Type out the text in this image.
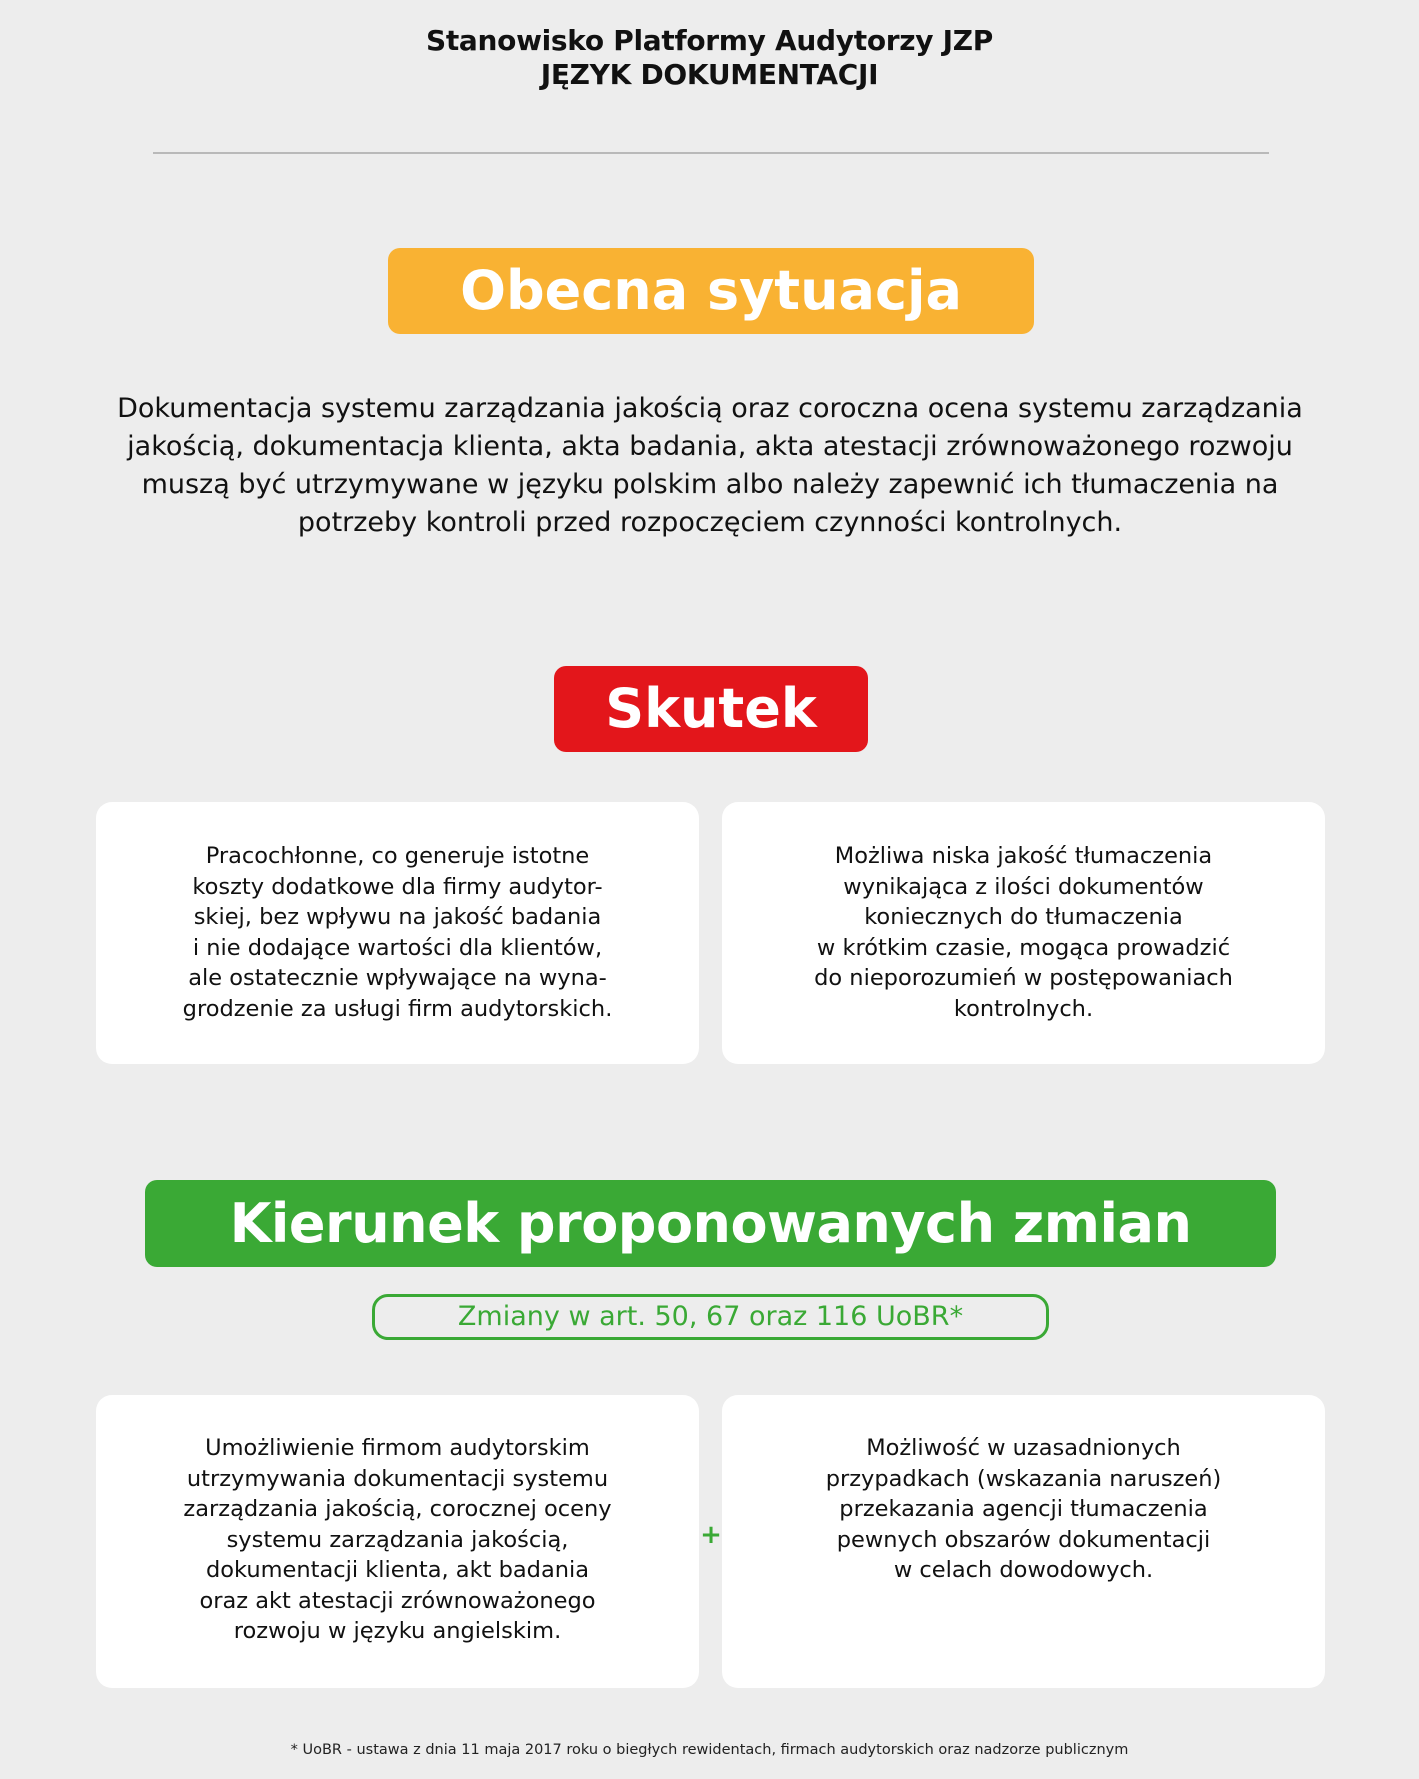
Stanowisko Platformy Audytorzy JZP
JĘZYK DOKUMENTACJI
Obecna sytuacja
Dokumentacja systemu zarządzania jakością oraz coroczna ocena systemu zarządzania jakością, dokumentacja klienta, akta badania, akta atestacji zrównoważonego rozwoju muszą być utrzymywane w języku polskim albo należy zapewnić ich tłumaczenia na potrzeby kontroli przed rozpoczęciem czynności kontrolnych.
Skutek
Pracochłonne, co generuje istotne
koszty dodatkowe dla firmy audytor-
skiej, bez wpływu na jakość badania
i nie dodające wartości dla klientów,
ale ostatecznie wpływające na wyna-
grodzenie za usługi firm audytorskich.
Możliwa niska jakość tłumaczenia
wynikająca z ilości dokumentów
koniecznych do tłumaczenia
w krótkim czasie, mogąca prowadzić
do nieporozumień w postępowaniach
kontrolnych.
Kierunek proponowanych zmian
Zmiany w art. 50, 67 oraz 116 UoBR*
Umożliwienie firmom audytorskim
utrzymywania dokumentacji systemu
zarządzania jakością, corocznej oceny
systemu zarządzania jakością,
dokumentacji klienta, akt badania
oraz akt atestacji zrównoważonego
rozwoju w języku angielskim.
+
Możliwość w uzasadnionych
przypadkach (wskazania naruszeń)
przekazania agencji tłumaczenia
pewnych obszarów dokumentacji
w celach dowodowych.
* UoBR - ustawa z dnia 11 maja 2017 roku o biegłych rewidentach, firmach audytorskich oraz nadzorze publicznym
